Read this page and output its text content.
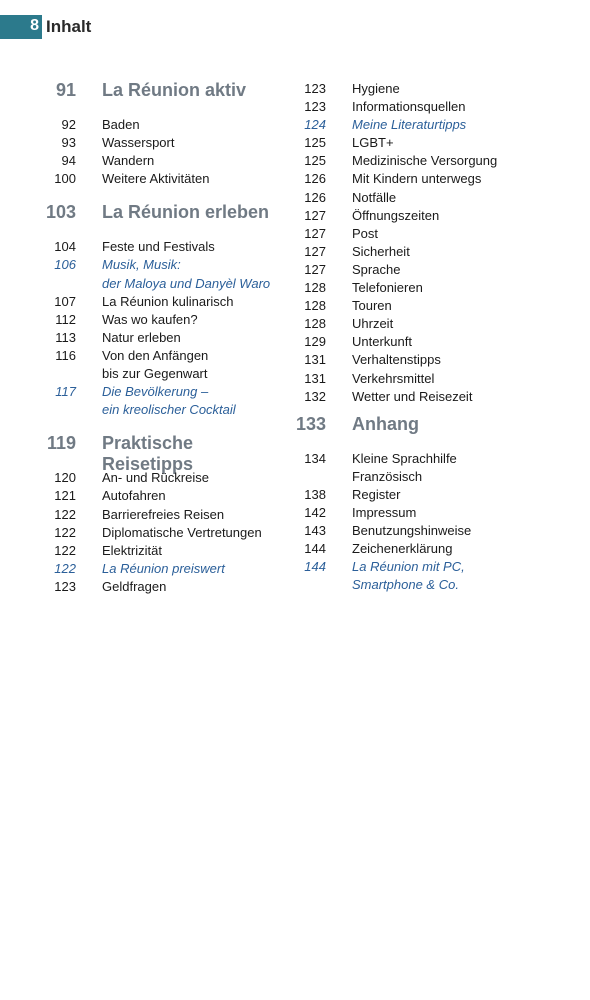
8 Inhalt
91 La Réunion aktiv
92 Baden
93 Wassersport
94 Wandern
100 Weitere Aktivitäten
103 La Réunion erleben
104 Feste und Festivals
106 Musik, Musik:
der Maloya und Danyèl Waro
107 La Réunion kulinarisch
112 Was wo kaufen?
113 Natur erleben
116 Von den Anfängen
bis zur Gegenwart
117 Die Bevölkerung –
ein kreolischer Cocktail
119 Praktische Reisetipps
120 An- und Rückreise
121 Autofahren
122 Barrierefreies Reisen
122 Diplomatische Vertretungen
122 Elektrizität
122 La Réunion preiswert
123 Geldfragen
123 Hygiene
123 Informationsquellen
124 Meine Literaturtipps
125 LGBT+
125 Medizinische Versorgung
126 Mit Kindern unterwegs
126 Notfälle
127 Öffnungszeiten
127 Post
127 Sicherheit
127 Sprache
128 Telefonieren
128 Touren
128 Uhrzeit
129 Unterkunft
131 Verhaltenstipps
131 Verkehrsmittel
132 Wetter und Reisezeit
133 Anhang
134 Kleine Sprachhilfe
Französisch
138 Register
142 Impressum
143 Benutzungshinweise
144 Zeichenerklärung
144 La Réunion mit PC,
Smartphone & Co.
